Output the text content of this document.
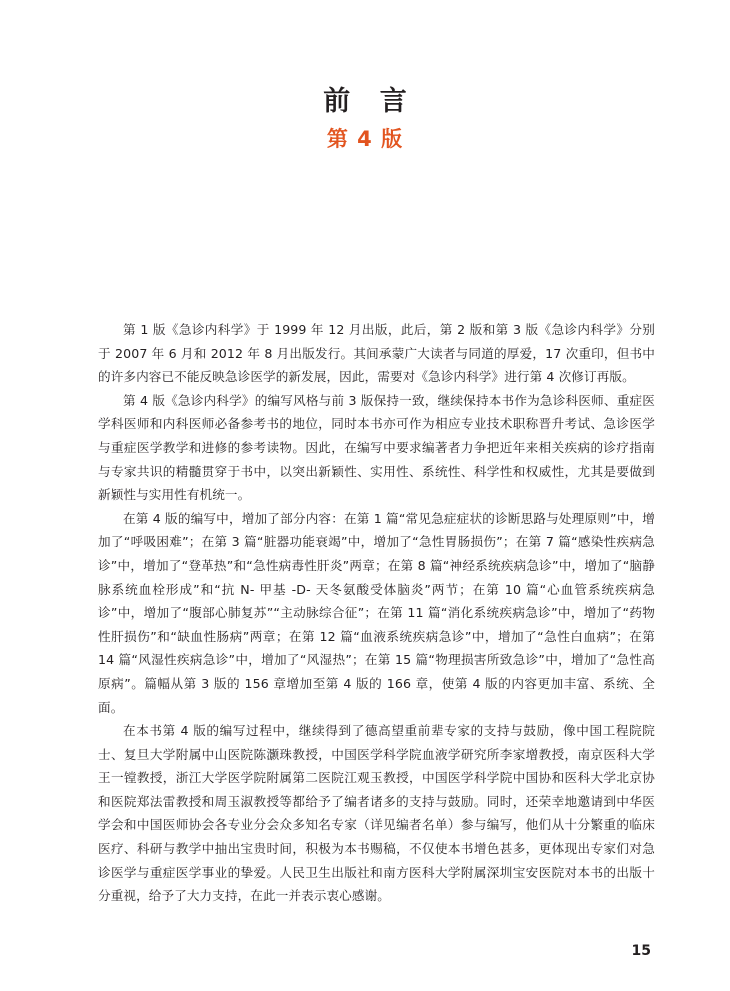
前 言
第 4 版

第 1 版《急诊内科学》于 1999 年 12 月出版，此后，第 2 版和第 3 版《急诊内科学》分别于 2007 年 6 月和 2012 年 8 月出版发行。其间承蒙广大读者与同道的厚爱，17 次重印，但书中的许多内容已不能反映急诊医学的新发展，因此，需要对《急诊内科学》进行第 4 次修订再版。

第 4 版《急诊内科学》的编写风格与前 3 版保持一致，继续保持本书作为急诊科医师、重症医学科医师和内科医师必备参考书的地位，同时本书亦可作为相应专业技术职称晋升考试、急诊医学与重症医学教学和进修的参考读物。因此，在编写中要求编著者力争把近年来相关疾病的诊疗指南与专家共识的精髓贯穿于书中，以突出新颖性、实用性、系统性、科学性和权威性，尤其是要做到新颖性与实用性有机统一。

在第 4 版的编写中，增加了部分内容：在第 1 篇“常见急症症状的诊断思路与处理原则”中，增加了“呼吸困难”；在第 3 篇“脏器功能衰竭”中，增加了“急性胃肠损伤”；在第 7 篇“感染性疾病急诊”中，增加了“登革热”和“急性病毒性肝炎”两章；在第 8 篇“神经系统疾病急诊”中，增加了“脑静脉系统血栓形成”和“抗 N- 甲基 -D- 天冬氨酸受体脑炎”两节；在第 10 篇“心血管系统疾病急诊”中，增加了“腹部心肺复苏”“主动脉综合征”；在第 11 篇“消化系统疾病急诊”中，增加了“药物性肝损伤”和“缺血性肠病”两章；在第 12 篇“血液系统疾病急诊”中，增加了“急性白血病”；在第 14 篇“风湿性疾病急诊”中，增加了“风湿热”；在第 15 篇“物理损害所致急诊”中，增加了“急性高原病”。篇幅从第 3 版的 156 章增加至第 4 版的 166 章，使第 4 版的内容更加丰富、系统、全面。

在本书第 4 版的编写过程中，继续得到了德高望重前辈专家的支持与鼓励，像中国工程院院士、复旦大学附属中山医院陈灏珠教授，中国医学科学院血液学研究所李家增教授，南京医科大学王一镗教授，浙江大学医学院附属第二医院江观玉教授，中国医学科学院中国协和医科大学北京协和医院郑法雷教授和周玉淑教授等都给予了编者诸多的支持与鼓励。同时，还荣幸地邀请到中华医学会和中国医师协会各专业分会众多知名专家（详见编者名单）参与编写，他们从十分繁重的临床医疗、科研与教学中抽出宝贵时间，积极为本书赐稿，不仅使本书增色甚多，更体现出专家们对急诊医学与重症医学事业的挚爱。人民卫生出版社和南方医科大学附属深圳宝安医院对本书的出版十分重视，给予了大力支持，在此一并表示衷心感谢。

15
